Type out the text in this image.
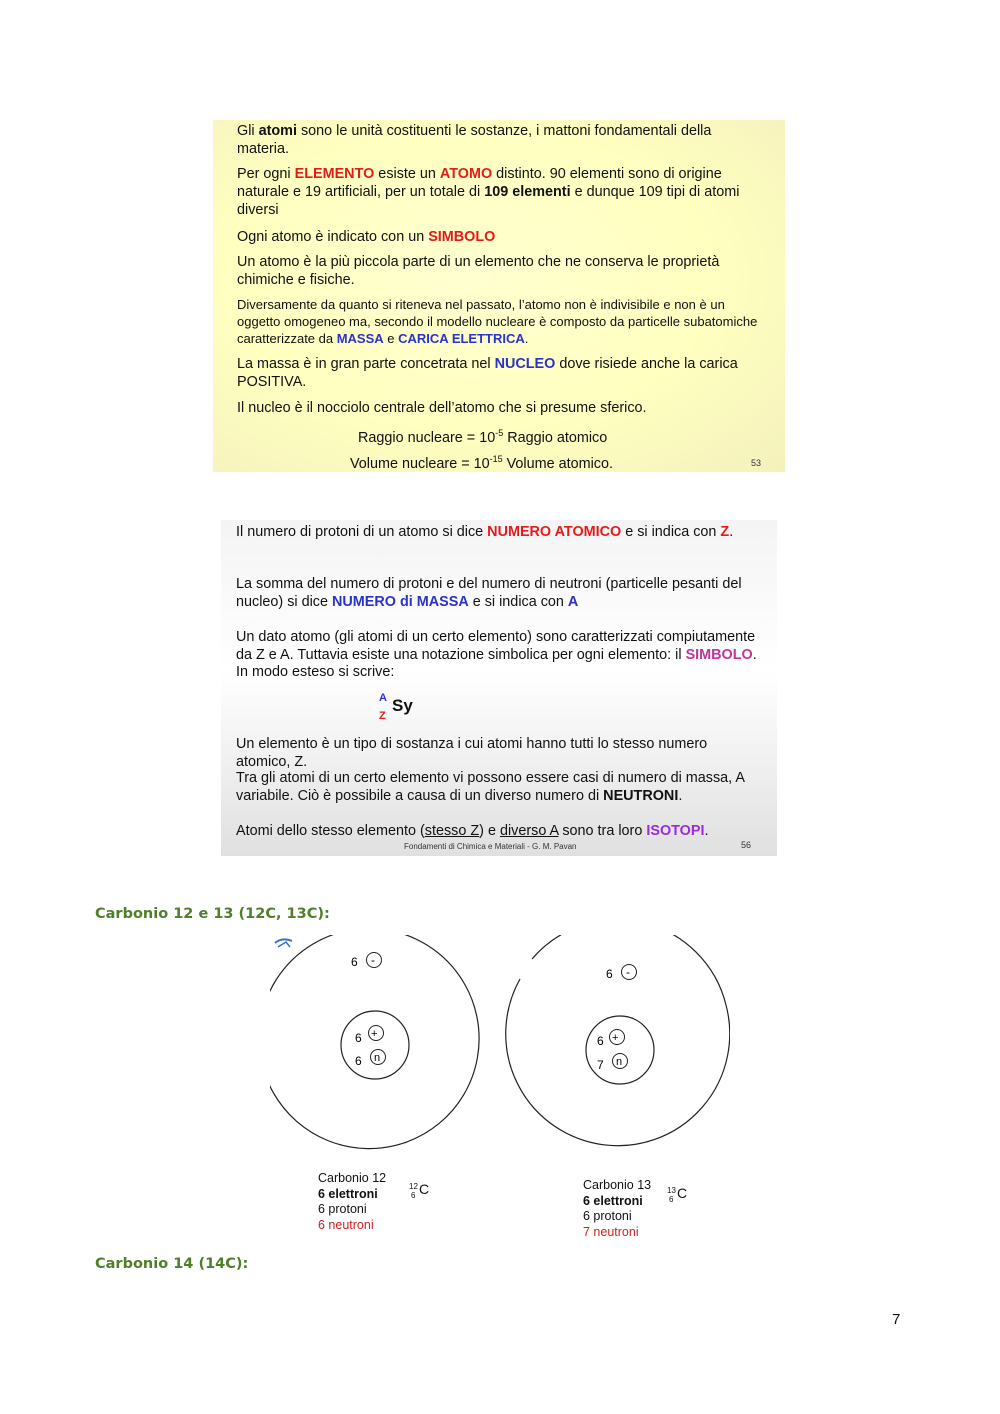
Gli atomi sono le unità costituenti le sostanze, i mattoni fondamentali della materia.

Per ogni ELEMENTO esiste un ATOMO distinto. 90 elementi sono di origine naturale e 19 artificiali, per un totale di 109 elementi e dunque 109 tipi di atomi diversi

Ogni atomo è indicato con un SIMBOLO

Un atomo è la più piccola parte di un elemento che ne conserva le proprietà chimiche e fisiche.

Diversamente da quanto si riteneva nel passato, l’atomo non è indivisibile e non è un oggetto omogeneo ma, secondo il modello nucleare è composto da particelle subatomiche caratterizzate da MASSA e CARICA ELETTRICA.

La massa è in gran parte concetrata nel NUCLEO dove risiede anche la carica POSITIVA.

Il nucleo è il nocciolo centrale dell’atomo che si presume sferico.

Raggio nucleare = $10^{-5}$ Raggio atomico

Volume nucleare = $10^{-15}$ Volume atomico.	53

Il numero di protoni di un atomo si dice NUMERO ATOMICO e si indica con Z.

La somma del numero di protoni e del numero di neutroni (particelle pesanti del nucleo) si dice NUMERO di MASSA e si indica con A

Un dato atomo (gli atomi di un certo elemento) sono caratterizzati compiutamente da Z e A. Tuttavia esiste una notazione simbolica per ogni elemento: il SIMBOLO. In modo esteso si scrive:

A
Z
Sy

Un elemento è un tipo di sostanza i cui atomi hanno tutti lo stesso numero atomico, Z.

Tra gli atomi di un certo elemento vi possono essere casi di numero di massa, A variabile. Ciò è possibile a causa di un diverso numero di NEUTRONI.

Atomi dello stesso elemento (stesso Z) e diverso A sono tra loro ISOTOPI.

Fondamenti di Chimica e Materiali - G. M. Pavan	56
Carbonio 12 e 13 (12C, 13C):
6 -
6 +
6 n
6 -
6 +
7 n
Carbonio 12
6 elettroni
6 protoni
6 neutroni
12
6 C	Carbonio 13
6 elettroni
6 protoni
7 neutroni
13
6 C
Carbonio 14 (14C):
7
